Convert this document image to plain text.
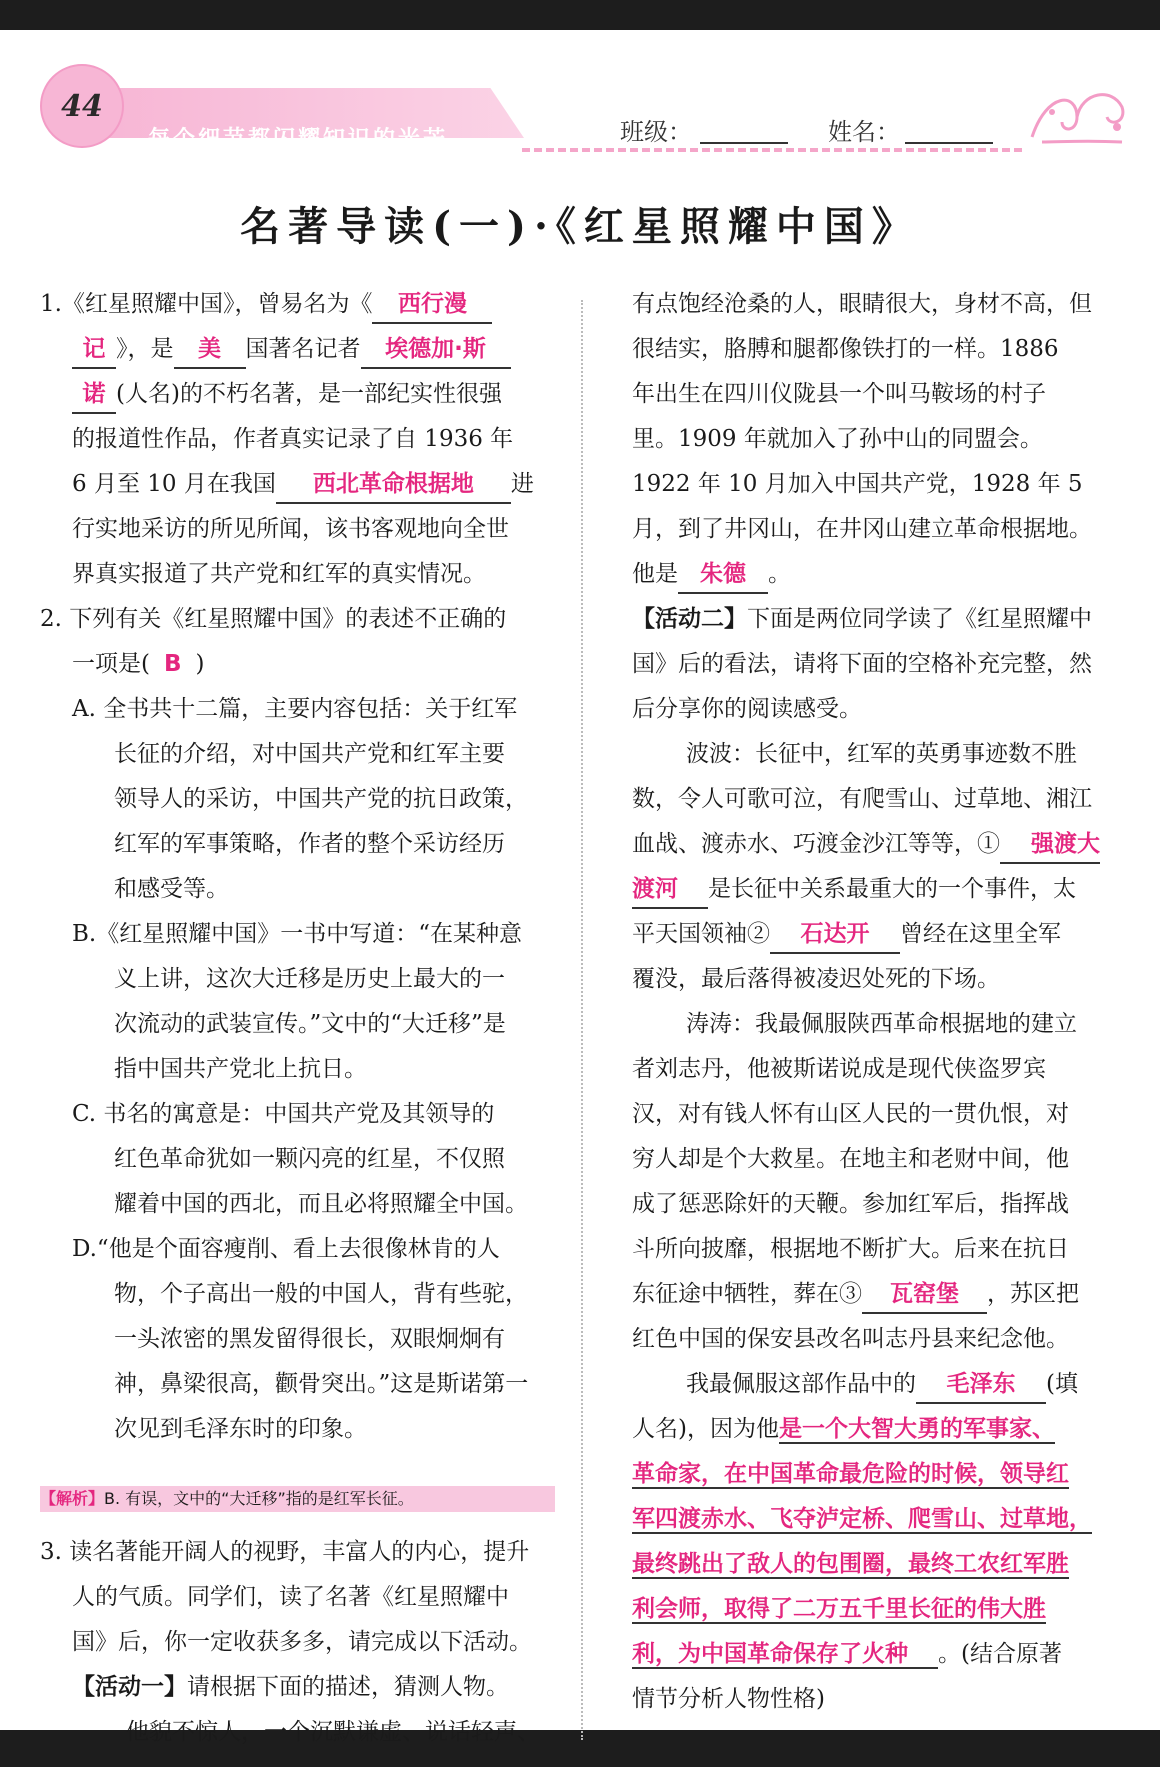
44
每个细节都闪耀知识的光芒	班级：	姓名：
名著导读(一)·《红星照耀中国》
1.《红星照耀中国》，曾易名为《 西行漫
记 》，是 美 国著名记者 埃德加·斯
诺 (人名)的不朽名著，是一部纪实性很强
的报道性作品，作者真实记录了自 1936 年
6 月至 10 月在我国 西北革命根据地 进
行实地采访的所见所闻，该书客观地向全世
界真实报道了共产党和红军的真实情况。
2. 下列有关《红星照耀中国》的表述不正确的
一项是( B )
A. 全书共十二篇，主要内容包括：关于红军
长征的介绍，对中国共产党和红军主要
领导人的采访，中国共产党的抗日政策，
红军的军事策略，作者的整个采访经历
和感受等。
B.《红星照耀中国》一书中写道：“在某种意
义上讲，这次大迁移是历史上最大的一
次流动的武装宣传。”文中的“大迁移”是
指中国共产党北上抗日。
C. 书名的寓意是：中国共产党及其领导的
红色革命犹如一颗闪亮的红星，不仅照
耀着中国的西北，而且必将照耀全中国。
D.“他是个面容瘦削、看上去很像林肯的人
物，个子高出一般的中国人，背有些驼，
一头浓密的黑发留得很长，双眼炯炯有
神，鼻梁很高，颧骨突出。”这是斯诺第一
次见到毛泽东时的印象。
【解析】B. 有误，文中的“大迁移”指的是红军长征。
3. 读名著能开阔人的视野，丰富人的内心，提升
人的气质。同学们，读了名著《红星照耀中
国》后，你一定收获多多，请完成以下活动。
【活动一】请根据下面的描述，猜测人物。
他貌不惊人，一个沉默谦虚、说话轻声、
有点饱经沧桑的人，眼睛很大，身材不高，但
很结实，胳膊和腿都像铁打的一样。1886
年出生在四川仪陇县一个叫马鞍场的村子
里。1909 年就加入了孙中山的同盟会。
1922 年 10 月加入中国共产党，1928 年 5
月，到了井冈山，在井冈山建立革命根据地。
他是 朱德 。
【活动二】下面是两位同学读了《红星照耀中
国》后的看法，请将下面的空格补充完整，然
后分享你的阅读感受。
波波：长征中，红军的英勇事迹数不胜
数，令人可歌可泣，有爬雪山、过草地、湘江
血战、渡赤水、巧渡金沙江等等，① 强渡大
渡河 是长征中关系最重大的一个事件，太
平天国领袖② 石达开 曾经在这里全军
覆没，最后落得被凌迟处死的下场。
涛涛：我最佩服陕西革命根据地的建立
者刘志丹，他被斯诺说成是现代侠盗罗宾
汉，对有钱人怀有山区人民的一贯仇恨，对
穷人却是个大救星。在地主和老财中间，他
成了惩恶除奸的天鞭。参加红军后，指挥战
斗所向披靡，根据地不断扩大。后来在抗日
东征途中牺牲，葬在③ 瓦窑堡 ，苏区把
红色中国的保安县改名叫志丹县来纪念他。
我最佩服这部作品中的 毛泽东 (填
人名)，因为他是一个大智大勇的军事家、
革命家，在中国革命最危险的时候，领导红
军四渡赤水、飞夺泸定桥、爬雪山、过草地，
最终跳出了敌人的包围圈，最终工农红军胜
利会师，取得了二万五千里长征的伟大胜
利，为中国革命保存了火种 。(结合原著
情节分析人物性格)
